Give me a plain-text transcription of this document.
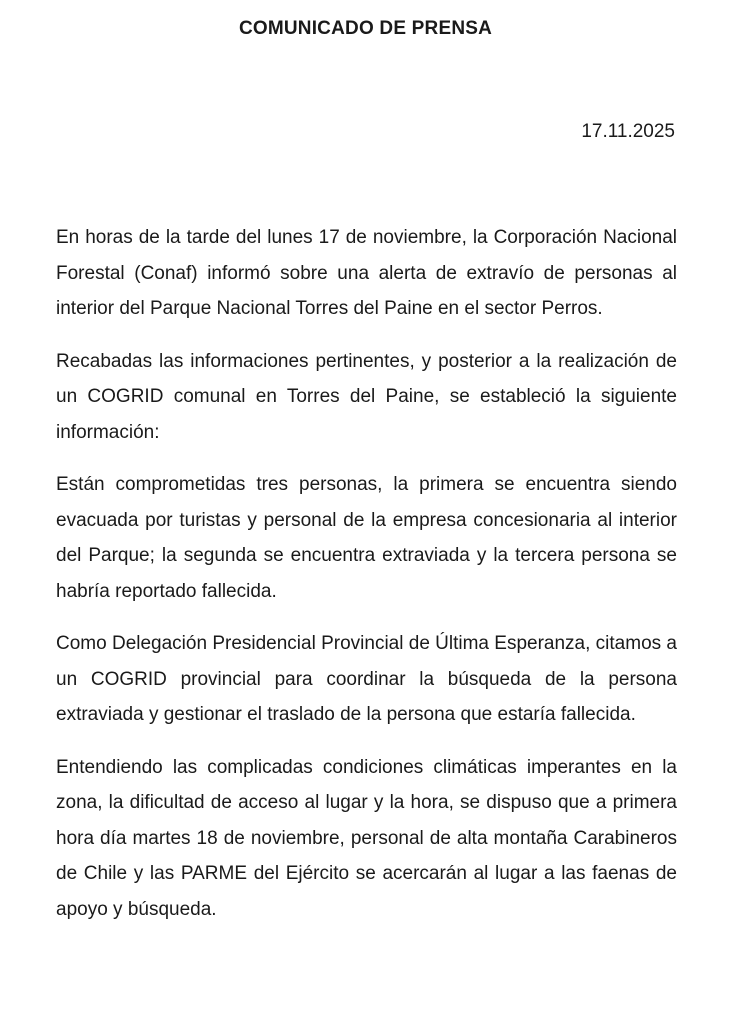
COMUNICADO DE PRENSA
17.11.2025

En horas de la tarde del lunes 17 de noviembre, la Corporación Nacional Forestal (Conaf) informó sobre una alerta de extravío de personas al interior del Parque Nacional Torres del Paine en el sector Perros.

Recabadas las informaciones pertinentes, y posterior a la realización de un COGRID comunal en Torres del Paine, se estableció la siguiente información:

Están comprometidas tres personas, la primera se encuentra siendo evacuada por turistas y personal de la empresa concesionaria al interior del Parque; la segunda se encuentra extraviada y la tercera persona se habría reportado fallecida.

Como Delegación Presidencial Provincial de Última Esperanza, citamos a un COGRID provincial para coordinar la búsqueda de la persona extraviada y gestionar el traslado de la persona que estaría fallecida.

Entendiendo las complicadas condiciones climáticas imperantes en la zona, la dificultad de acceso al lugar y la hora, se dispuso que a primera hora día martes 18 de noviembre, personal de alta montaña Carabineros de Chile y las PARME del Ejército se acercarán al lugar a las faenas de apoyo y búsqueda.
